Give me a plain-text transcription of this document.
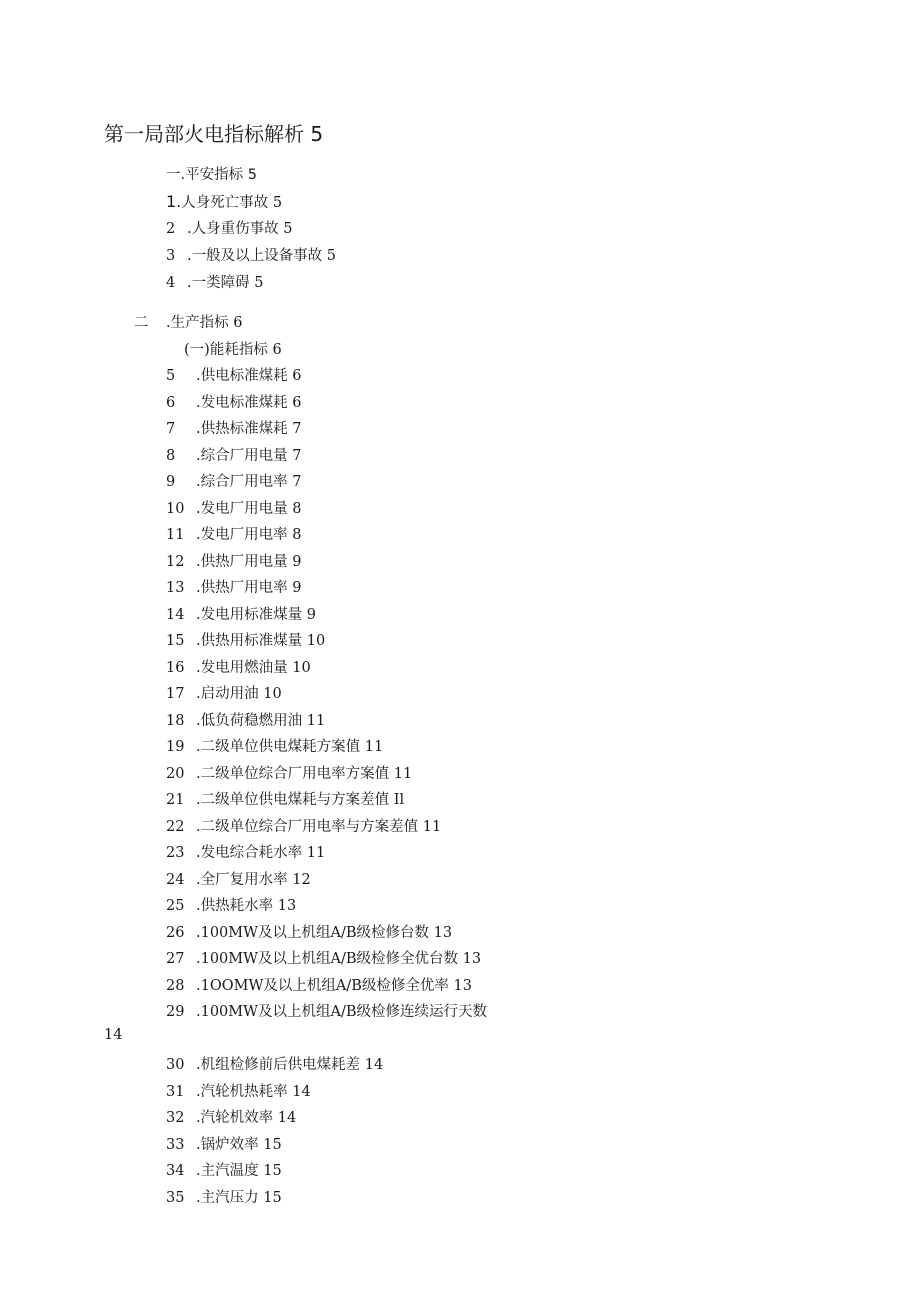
第一局部火电指标解析 5
一.平安指标 5
1.人身死亡事故 5
2 .人身重伤事故 5
3 .一般及以上设备事故 5
4 .一类障碍 5
二 .生产指标 6
(一)能耗指标 6
5 .供电标准煤耗 6
6 .发电标准煤耗 6
7 .供热标准煤耗 7
8 .综合厂用电量 7
9 .综合厂用电率 7
10 .发电厂用电量 8
11 .发电厂用电率 8
12 .供热厂用电量 9
13 .供热厂用电率 9
14 .发电用标准煤量 9
15 .供热用标准煤量 10
16 .发电用燃油量 10
17 .启动用油 10
18 .低负荷稳燃用油 11
19 .二级单位供电煤耗方案值 11
20 .二级单位综合厂用电率方案值 11
21 .二级单位供电煤耗与方案差值 Il
22 .二级单位综合厂用电率与方案差值 11
23 .发电综合耗水率 11
24 .全厂复用水率 12
25 .供热耗水率 13
26 .100MW及以上机组A/B级检修台数 13
27 .100MW及以上机组A/B级检修全优台数 13
28 .1OOMW及以上机组A/B级检修全优率 13
29 .100MW及以上机组A/B级检修连续运行天数
30 .机组检修前后供电煤耗差 14
31 .汽轮机热耗率 14
32 .汽轮机效率 14
33 .锅炉效率 15
34 .主汽温度 15
35 .主汽压力 15
14
